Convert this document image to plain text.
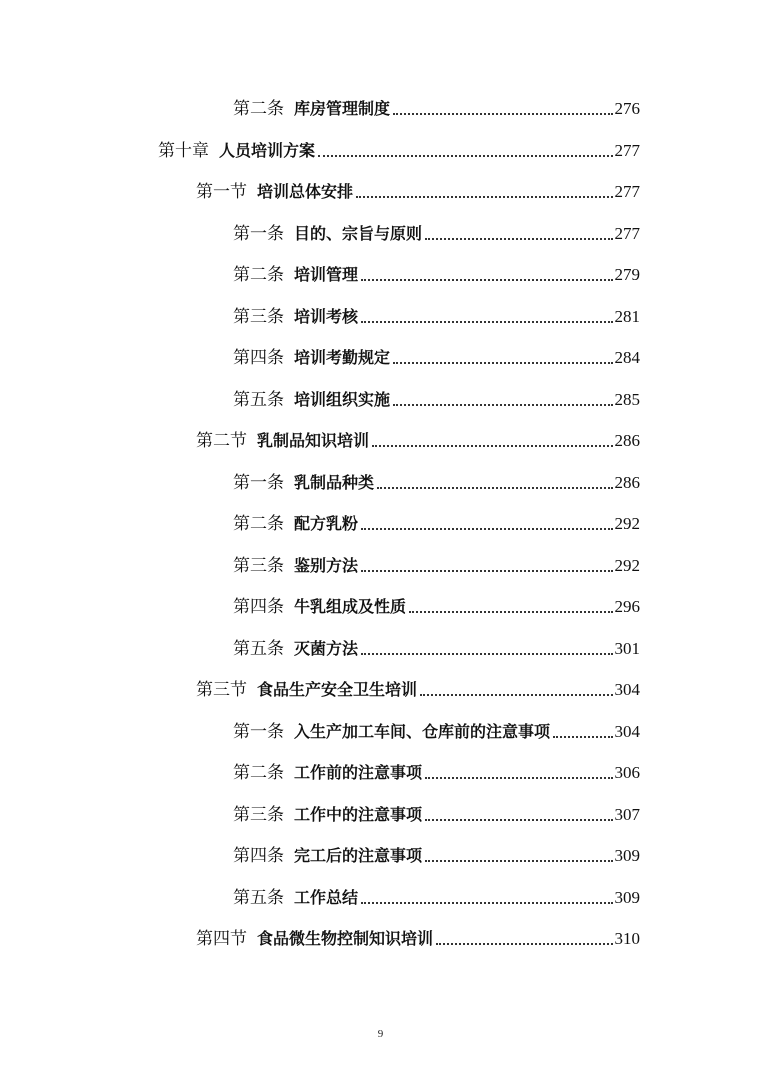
第二条 库房管理制度	276
第十章 人员培训方案	277
第一节 培训总体安排	277
第一条 目的、宗旨与原则	277
第二条 培训管理	279
第三条 培训考核	281
第四条 培训考勤规定	284
第五条 培训组织实施	285
第二节 乳制品知识培训	286
第一条 乳制品种类	286
第二条 配方乳粉	292
第三条 鉴别方法	292
第四条 牛乳组成及性质	296
第五条 灭菌方法	301
第三节 食品生产安全卫生培训	304
第一条 入生产加工车间、仓库前的注意事项	304
第二条 工作前的注意事项	306
第三条 工作中的注意事项	307
第四条 完工后的注意事项	309
第五条 工作总结	309
第四节 食品微生物控制知识培训	310
9
